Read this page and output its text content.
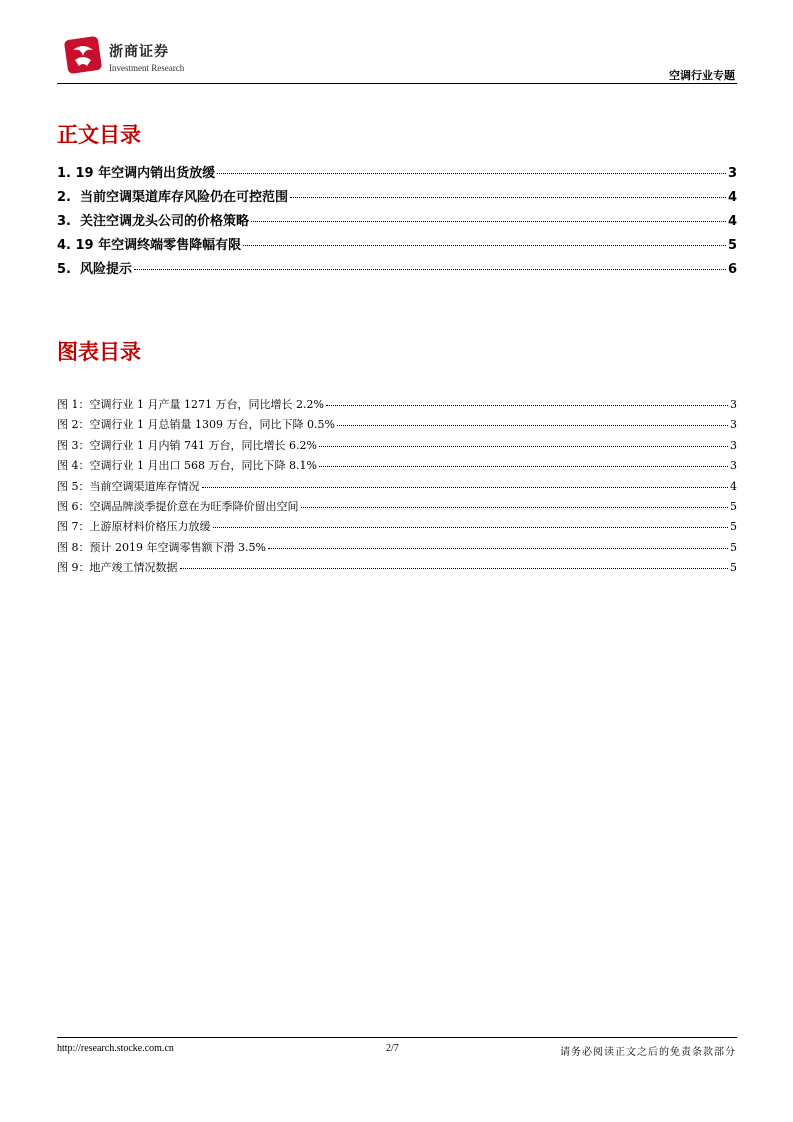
浙商证券
Investment Research
空调行业专题
正文目录
1. 19 年空调内销出货放缓	3
2. 当前空调渠道库存风险仍在可控范围	4
3. 关注空调龙头公司的价格策略	4
4. 19 年空调终端零售降幅有限	5
5. 风险提示	6
图表目录
图 1：空调行业 1 月产量 1271 万台，同比增长 2.2%	3
图 2：空调行业 1 月总销量 1309 万台，同比下降 0.5%	3
图 3：空调行业 1 月内销 741 万台，同比增长 6.2%	3
图 4：空调行业 1 月出口 568 万台，同比下降 8.1%	3
图 5：当前空调渠道库存情况	4
图 6：空调品牌淡季提价意在为旺季降价留出空间	5
图 7：上游原材料价格压力放缓	5
图 8：预计 2019 年空调零售额下滑 3.5%	5
图 9：地产竣工情况数据	5
http://research.stocke.com.cn	2/7	请务必阅读正文之后的免责条款部分
